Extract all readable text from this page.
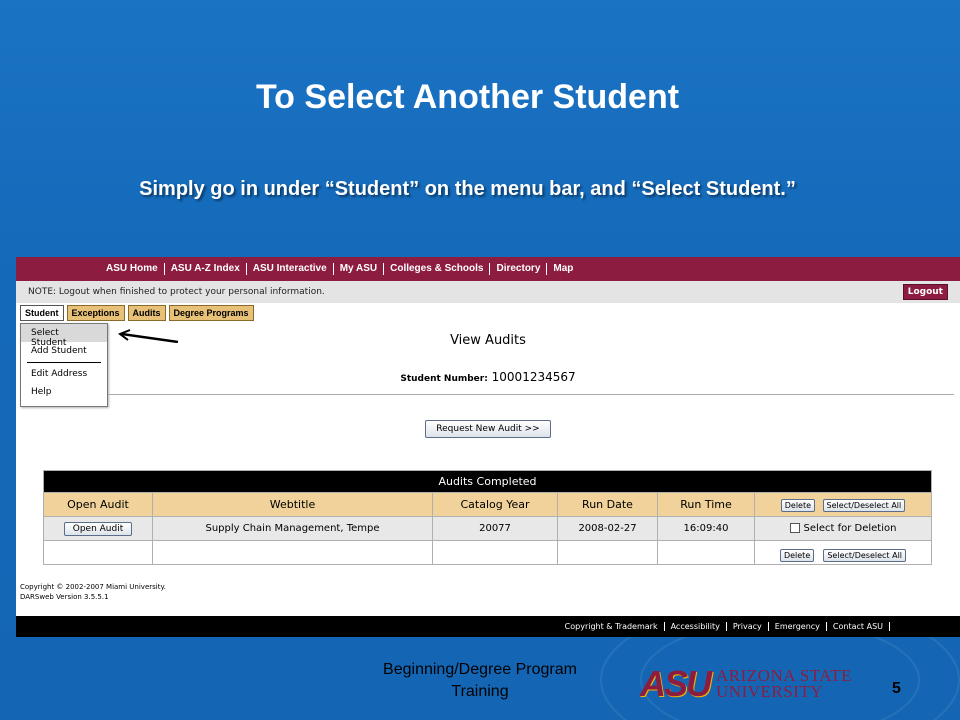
To Select Another Student
Simply go in under “Student” on the menu bar, and “Select Student.”
ASU Home	ASU A-Z Index	ASU Interactive	My ASU	Colleges & Schools	Directory	Map
NOTE: Logout when finished to protect your personal information.	Logout
Student	Exceptions	Audits	Degree Programs
Select Student
Add Student
Edit Address
Help
View Audits
Student Number: 10001234567
Request New Audit >>
Audits Completed					
Open Audit	Webtitle	Catalog Year	Run Date	Run Time	Delete Select/Deselect All
Open Audit	Supply Chain Management, Tempe	20077	2008-02-27	16:09:40	Select for Deletion
					Delete Select/Deselect All
Copyright © 2002-2007 Miami University.
DARSweb Version 3.5.5.1
Copyright & Trademark	Accessibility	Privacy	Emergency	Contact ASU
Beginning/Degree Program Training	ASU ARIZONA STATE UNIVERSITY	5
